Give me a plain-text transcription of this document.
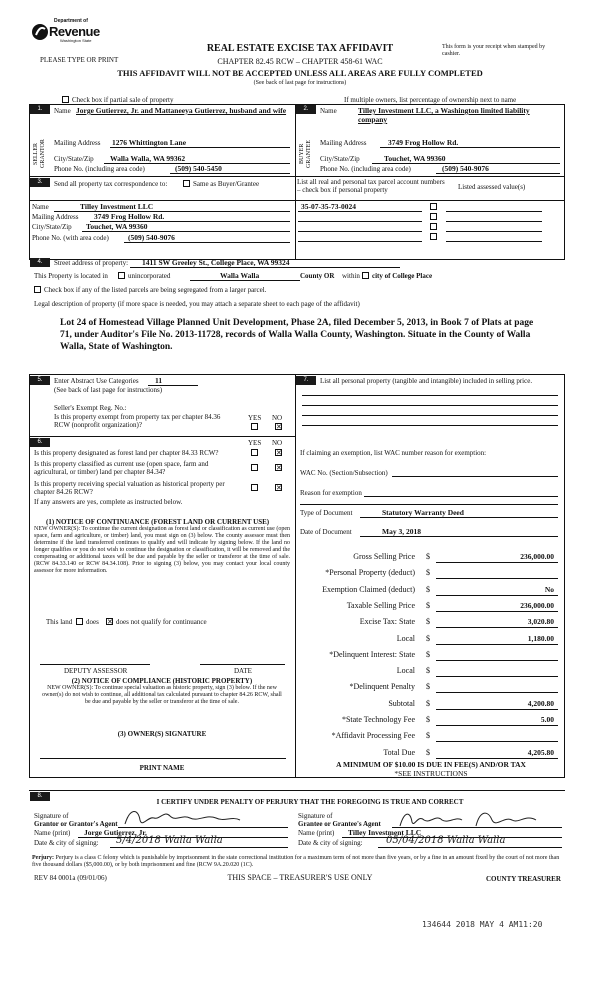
Department of
Revenue
Washington State
PLEASE TYPE OR PRINT
REAL ESTATE EXCISE TAX AFFIDAVIT
CHAPTER 82.45 RCW – CHAPTER 458-61 WAC
THIS AFFIDAVIT WILL NOT BE ACCEPTED UNLESS ALL AREAS ARE FULLY COMPLETED
(See back of last page for instructions)
This form is your receipt when stamped by cashier.
Check box if partial sale of property	If multiple owners, list percentage of ownership next to name
1.
SELLER GRANTOR
Name Jorge Gutierrez, Jr. and Mattaneeya Gutierrez, husband and wife
Mailing Address 1276 Whittington Lane
City/State/Zip Walla Walla, WA 99362
Phone No. (including area code)	(509) 540-5450
2.
BUYER GRANTEE
Name	Tilley Investment LLC, a Washington limited liability company
Mailing Address	3749 Frog Hollow Rd.
City/State/Zip	Touchet, WA 99360
Phone No. (including area code)	(509) 540-9076
3.	Send all property tax correspondence to:	Same as Buyer/Grantee	List all real and personal tax parcel account numbers – check box if personal property	Listed assessed value(s)
Name	Tilley Investment LLC
Mailing Address 3749 Frog Hollow Rd.
City/State/Zip Touchet, WA 99360
Phone No. (with area code)	(509) 540-9076
35-07-35-73-0024
4.	Street address of property: 1411 SW Greeley St., College Place, WA 99324
This Property is located in	unincorporated	Walla Walla	County OR within city of College Place
Check box if any of the listed parcels are being segregated from a larger parcel.
Legal description of property (if more space is needed, you may attach a separate sheet to each page of the affidavit)
Lot 24 of Homestead Village Planned Unit Development, Phase 2A, filed December 5, 2013, in Book 7 of Plats at page 71, under Auditor's File No. 2013-11728, records of Walla Walla County, Washington. Situate in the County of Walla Walla, State of Washington.
5.	Enter Abstract Use Categories 11
(See back of last page for instructions)
Seller's Exempt Reg. No.:
YES NO
Is this property exempt from property tax per chapter 84.36 RCW (nonprofit organization)?	✕
6.	YES NO
Is this property designated as forest land per chapter 84.33 RCW?	✕
Is this property classified as current use (open space, farm and agricultural, or timber) land per chapter 84.34?	✕
Is this property receiving special valuation as historical property per chapter 84.26 RCW?	✕
If any answers are yes, complete as instructed below.
(1) NOTICE OF CONTINUANCE (FOREST LAND OR CURRENT USE)
NEW OWNER(S): To continue the current designation as forest land or classification as current use (open space, farm and agriculture, or timber) land, you must sign on (3) below. The county assessor must then determine if the land transferred continues to qualify and will indicate by signing below. If the land no longer qualifies or you do not wish to continue the designation or classification, it will be removed and the compensating or additional taxes will be due and payable by the seller or transferor at the time of sale. (RCW 84.33.140 or RCW 84.34.108). Prior to signing (3) below, you may contact your local county assessor for more information.
This land does ✕ does not qualify for continuance
DEPUTY ASSESSOR	DATE
(2) NOTICE OF COMPLIANCE (HISTORIC PROPERTY)
NEW OWNER(S): To continue special valuation as historic property, sign (3) below. If the new owner(s) do not wish to continue, all additional tax calculated pursuant to chapter 84.26 RCW, shall be due and payable by the seller or transferor at the time of sale.
(3) OWNER(S) SIGNATURE
PRINT NAME
7.	List all personal property (tangible and intangible) included in selling price.
If claiming an exemption, list WAC number reason for exemption:
WAC No. (Section/Subsection)
Reason for exemption
Type of Document	Statutory Warranty Deed
Date of Document	May 3, 2018
Gross Selling Price $	236,000.00
*Personal Property (deduct) $
Exemption Claimed (deduct) $	No
Taxable Selling Price $	236,000.00
Excise Tax: State $	3,020.80
Local $	1,180.00
*Delinquent Interest: State $
Local $
*Delinquent Penalty $
Subtotal $	4,200.80
*State Technology Fee $	5.00
*Affidavit Processing Fee $
Total Due $	4,205.80
A MINIMUM OF $10.00 IS DUE IN FEE(S) AND/OR TAX
*SEE INSTRUCTIONS
8.
I CERTIFY UNDER PENALTY OF PERJURY THAT THE FOREGOING IS TRUE AND CORRECT
Signature of
Grantor or Grantor's Agent
Name (print) Jorge Gutierrez, Jr.
Date & city of signing: 5/4/2018 Walla Walla
Signature of
Grantee or Grantee's Agent
Name (print) Tilley Investment LLC
Date & city of signing: 05/04/2018 Walla Walla
Perjury: Perjury is a class C felony which is punishable by imprisonment in the state correctional institution for a maximum term of not more than five years, or by a fine in an amount fixed by the court of not more than five thousand dollars ($5,000.00), or by both imprisonment and fine (RCW 9A.20.020 (1C).
REV 84 0001a (09/01/06)	THIS SPACE – TREASURER'S USE ONLY	COUNTY TREASURER
134644 2018 MAY 4 AM11:20
